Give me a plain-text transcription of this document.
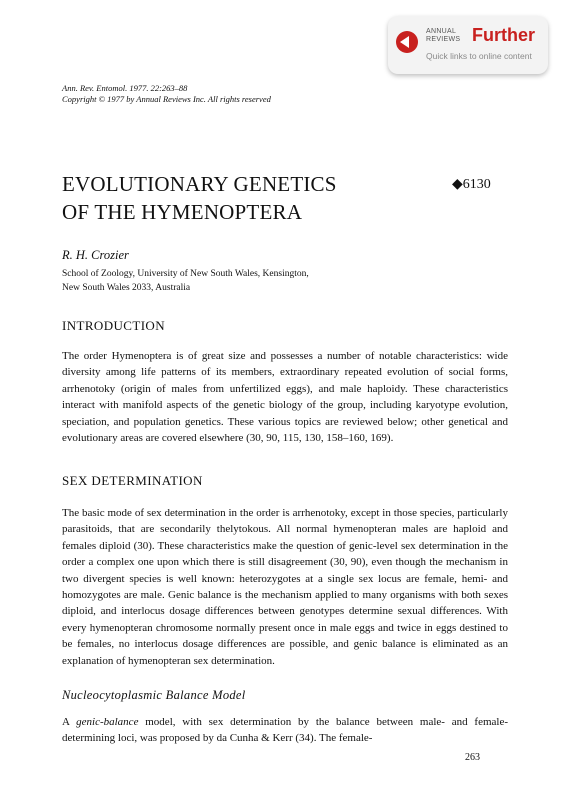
ANNUAL
REVIEWS Further
Quick links to online content
Ann. Rev. Entomol. 1977. 22:263–88
Copyright © 1977 by Annual Reviews Inc. All rights reserved
EVOLUTIONARY GENETICS
OF THE HYMENOPTERA
◆6130
R. H. Crozier
School of Zoology, University of New South Wales, Kensington,
New South Wales 2033, Australia
INTRODUCTION

The order Hymenoptera is of great size and possesses a number of notable characteristics: wide diversity among life patterns of its members, extraordinary repeated evolution of social forms, arrhenotoky (origin of males from unfertilized eggs), and male haploidy. These characteristics interact with manifold aspects of the genetic biology of the group, including karyotype evolution, speciation, and population genetics. These various topics are reviewed below; other genetical and evolutionary areas are covered elsewhere (30, 90, 115, 130, 158–160, 169).

SEX DETERMINATION

The basic mode of sex determination in the order is arrhenotoky, except in those species, particularly parasitoids, that are secondarily thelytokous. All normal hymenopteran males are haploid and females diploid (30). These characteristics make the question of genic-level sex determination in the order a complex one upon which there is still disagreement (30, 90), even though the mechanism in two divergent species is well known: heterozygotes at a single sex locus are female, hemi- and homozygotes are male. Genic balance is the mechanism applied to many organisms with both sexes diploid, and interlocus dosage differences between genotypes determine sexual differences. With every hymenopteran chromosome normally present once in male eggs and twice in eggs destined to be females, no interlocus dosage differences are possible, and genic balance is eliminated as an explanation of hymenopteran sex determination.

Nucleocytoplasmic Balance Model

A genic-balance model, with sex determination by the balance between male- and female-determining loci, was proposed by da Cunha & Kerr (34). The female-

263
